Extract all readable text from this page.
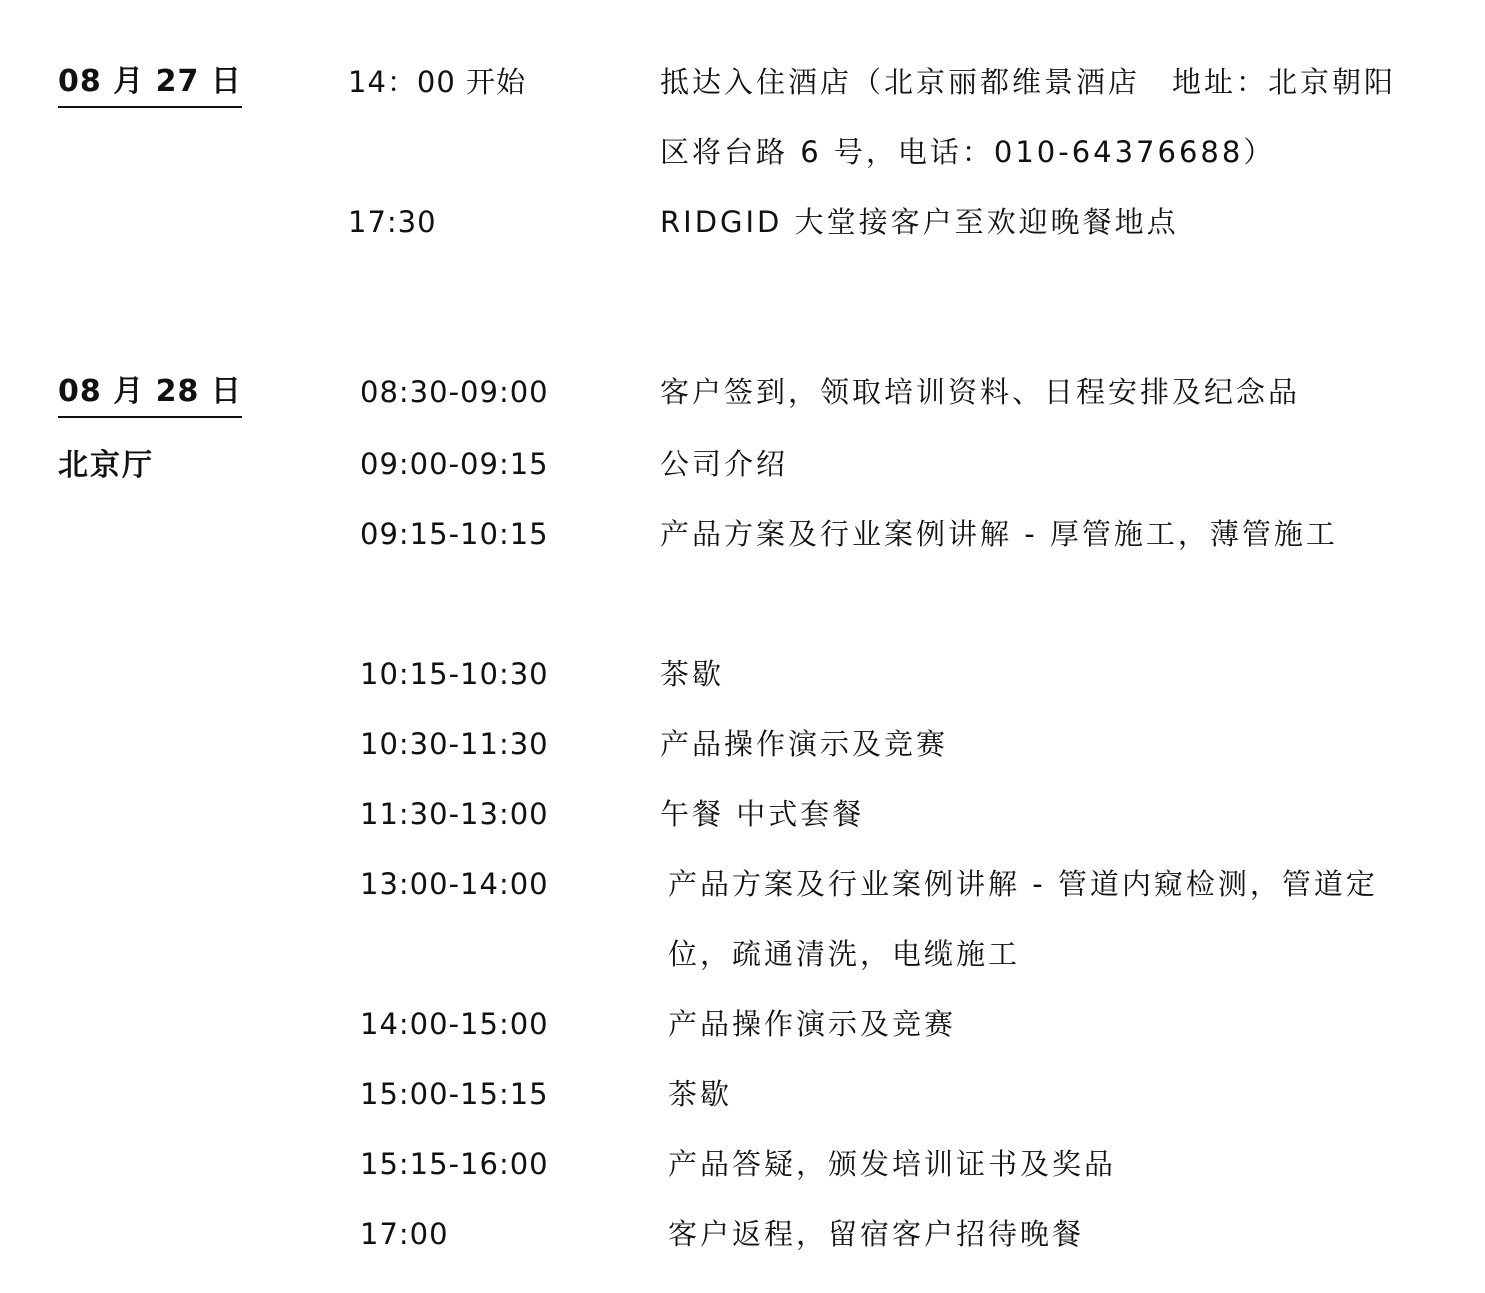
08 月 27 日	14：00 开始	抵达入住酒店（北京丽都维景酒店　地址：北京朝阳区将台路 6 号，电话：010-64376688）
17:30	RIDGID 大堂接客户至欢迎晚餐地点
08 月 28 日
北京厅
08:30-09:00	客户签到，领取培训资料、日程安排及纪念品
09:00-09:15	公司介绍
09:15-10:15	产品方案及行业案例讲解 - 厚管施工，薄管施工
10:15-10:30	茶歇
10:30-11:30	产品操作演示及竞赛
11:30-13:00	午餐 中式套餐
13:00-14:00	产品方案及行业案例讲解 - 管道内窥检测，管道定位，疏通清洗，电缆施工
14:00-15:00	产品操作演示及竞赛
15:00-15:15	茶歇
15:15-16:00	产品答疑，颁发培训证书及奖品
17:00	客户返程，留宿客户招待晚餐
